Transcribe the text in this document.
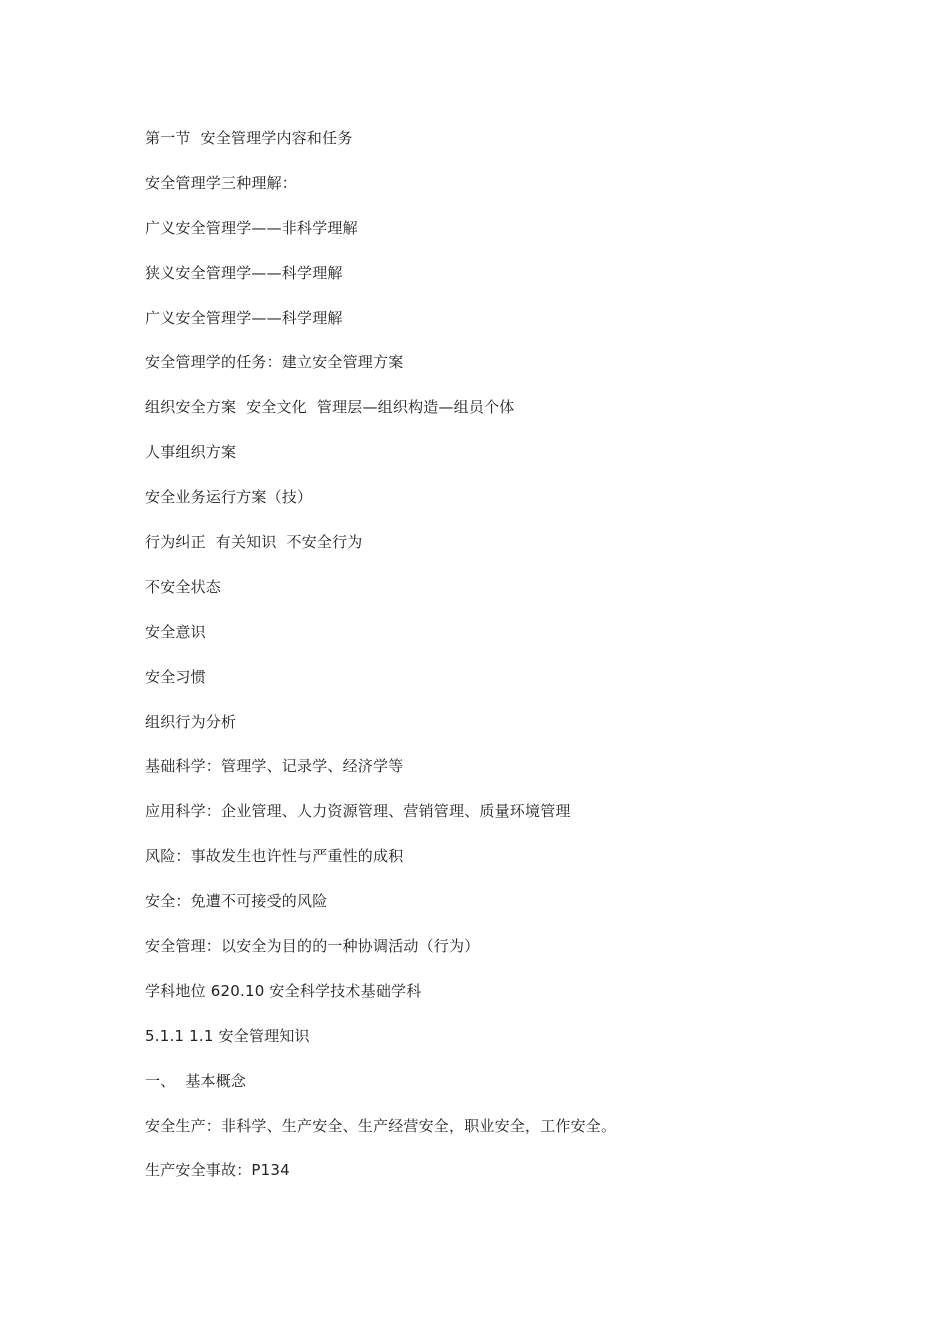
第一节  安全管理学内容和任务
安全管理学三种理解：
广义安全管理学——非科学理解
狭义安全管理学——科学理解
广义安全管理学——科学理解
安全管理学的任务：建立安全管理方案
组织安全方案  安全文化  管理层—组织构造—组员个体
人事组织方案
安全业务运行方案（技）
行为纠正  有关知识  不安全行为
不安全状态
安全意识
安全习惯
组织行为分析
基础科学：管理学、记录学、经济学等
应用科学：企业管理、人力资源管理、营销管理、质量环境管理
风险：事故发生也许性与严重性的成积
安全：免遭不可接受的风险
安全管理：以安全为目的的一种协调活动（行为）
学科地位 620.10 安全科学技术基础学科
5.1.1 1.1 安全管理知识
一、  基本概念
安全生产：非科学、生产安全、生产经营安全，职业安全，工作安全。
生产安全事故：P134
